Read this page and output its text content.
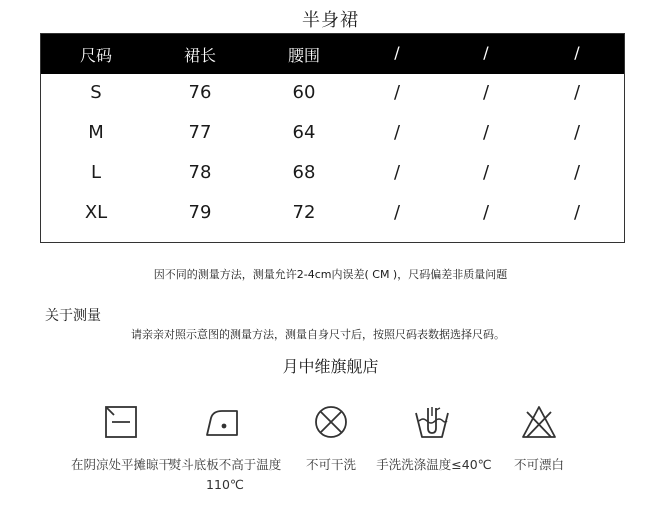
半身裙
尺码	裙长	腰围	/	/	/
S	76	60	/	/	/
M	77	64	/	/	/
L	78	68	/	/	/
XL	79	72	/	/	/
因不同的测量方法，测量允许2-4cm内误差( CM )，尺码偏差非质量问题
关于测量
请亲亲对照示意图的测量方法，测量自身尺寸后，按照尺码表数据选择尺码。
月中维旗舰店
在阴凉处平摊晾干
熨斗底板不高于温度110℃
不可干洗	手洗洗涤温度≤40℃	不可漂白
